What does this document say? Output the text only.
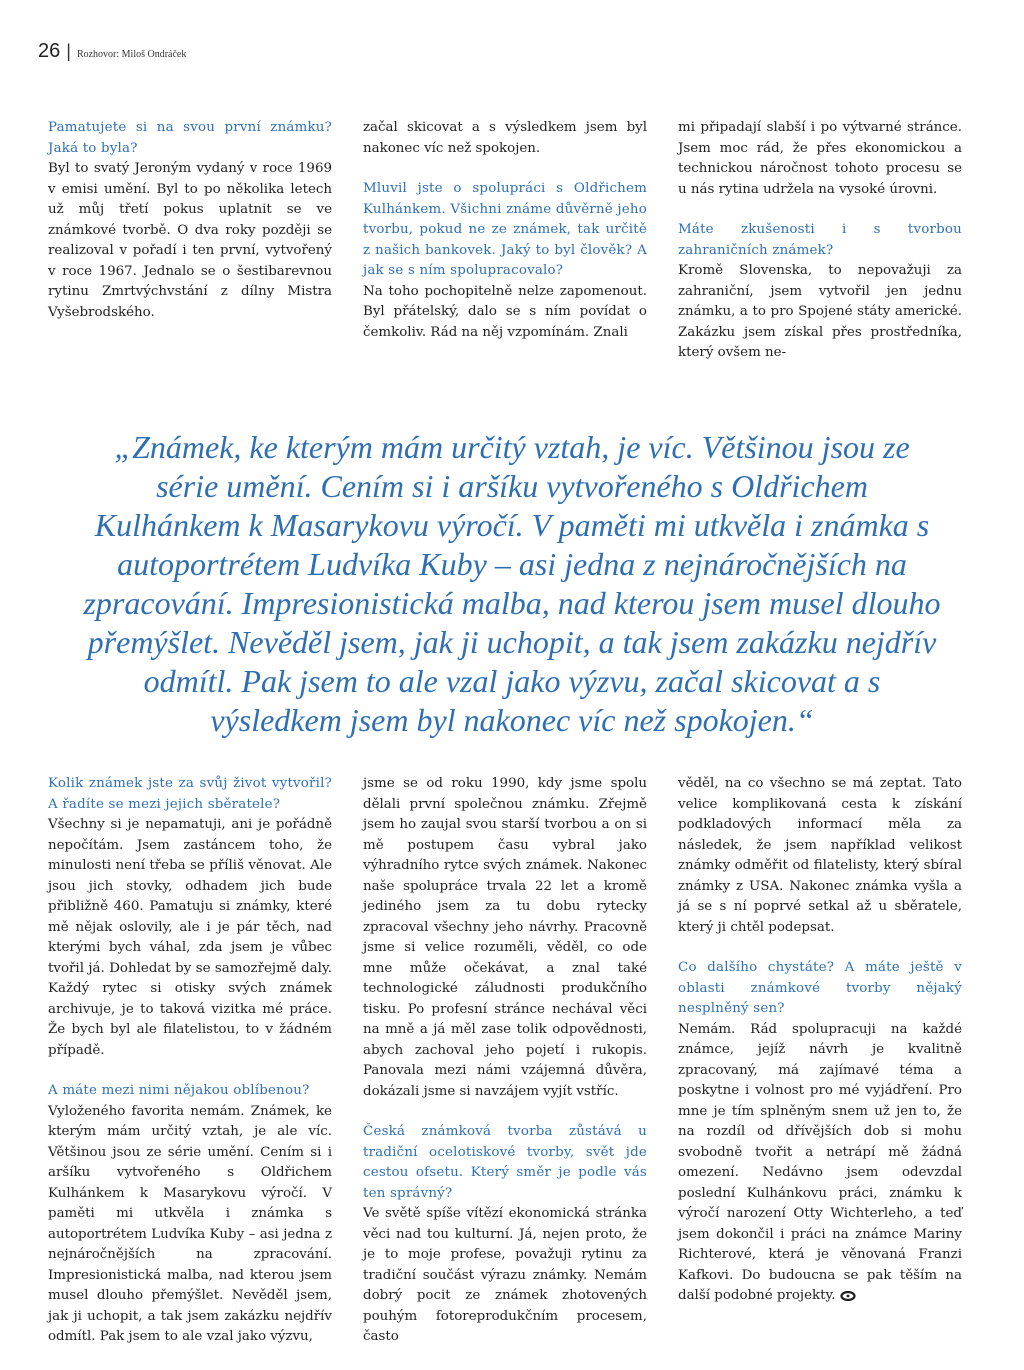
26 | Rozhovor: Miloš Ondráček

Pamatujete si na svou první známku? Jaká to byla?

Byl to svatý Jeroným vydaný v roce 1969 v emisi umění. Byl to po několika letech už můj třetí pokus uplatnit se ve známkové tvorbě. O dva roky později se realizoval v pořadí i ten první, vytvořený v roce 1967. Jednalo se o šestibarevnou rytinu Zmrtvýchvstání z dílny Mistra Vyšebrodského.

začal skicovat a s výsledkem jsem byl nakonec víc než spokojen.

Mluvil jste o spolupráci s Oldřichem Kulhánkem. Všichni známe důvěrně jeho tvorbu, pokud ne ze známek, tak určitě z našich bankovek. Jaký to byl člověk? A jak se s ním spolupracovalo?

Na toho pochopitelně nelze zapomenout. Byl přátelský, dalo se s ním povídat o čemkoliv. Rád na něj vzpomínám. Znali

mi připadají slabší i po výtvarné stránce. Jsem moc rád, že přes ekonomickou a technickou náročnost tohoto procesu se u nás rytina udržela na vysoké úrovni.

Máte zkušenosti i s tvorbou zahraničních známek?

Kromě Slovenska, to nepovažuji za zahraniční, jsem vytvořil jen jednu známku, a to pro Spojené státy americké. Zakázku jsem získal přes prostředníka, který ovšem ne-

„Známek, ke kterým mám určitý vztah, je víc. Většinou jsou ze série umění. Cením si i aršíku vytvořeného s Oldřichem Kulhánkem k Masarykovu výročí. V paměti mi utkvěla i známka s autoportrétem Ludvíka Kuby – asi jedna z nejnáročnějších na zpracování. Impresionistická malba, nad kterou jsem musel dlouho přemýšlet. Nevěděl jsem, jak ji uchopit, a tak jsem zakázku nejdřív odmítl. Pak jsem to ale vzal jako výzvu, začal skicovat a s výsledkem jsem byl nakonec víc než spokojen.“

Kolik známek jste za svůj život vytvořil? A řadíte se mezi jejich sběratele?

Všechny si je nepamatuji, ani je pořádně nepočítám. Jsem zastáncem toho, že minulosti není třeba se příliš věnovat. Ale jsou jich stovky, odhadem jich bude přibližně 460. Pamatuju si známky, které mě nějak oslovily, ale i je pár těch, nad kterými bych váhal, zda jsem je vůbec tvořil já. Dohledat by se samozřejmě daly. Každý rytec si otisky svých známek archivuje, je to taková vizitka mé práce. Že bych byl ale filatelistou, to v žádném případě.

A máte mezi nimi nějakou oblíbenou?

Vyloženého favorita nemám. Známek, ke kterým mám určitý vztah, je ale víc. Většinou jsou ze série umění. Cením si i aršíku vytvořeného s Oldřichem Kulhánkem k Masarykovu výročí. V paměti mi utkvěla i známka s autoportrétem Ludvíka Kuby – asi jedna z nejnáročnějších na zpracování. Impresionistická malba, nad kterou jsem musel dlouho přemýšlet. Nevěděl jsem, jak ji uchopit, a tak jsem zakázku nejdřív odmítl. Pak jsem to ale vzal jako výzvu,

jsme se od roku 1990, kdy jsme spolu dělali první společnou známku. Zřejmě jsem ho zaujal svou starší tvorbou a on si mě postupem času vybral jako výhradního rytce svých známek. Nakonec naše spolupráce trvala 22 let a kromě jediného jsem za tu dobu rytecky zpracoval všechny jeho návrhy. Pracovně jsme si velice rozuměli, věděl, co ode mne může očekávat, a znal také technologické záludnosti produkčního tisku. Po profesní stránce nechával věci na mně a já měl zase tolik odpovědnosti, abych zachoval jeho pojetí i rukopis. Panovala mezi námi vzájemná důvěra, dokázali jsme si navzájem vyjít vstříc.

Česká známková tvorba zůstává u tradiční ocelotiskové tvorby, svět jde cestou ofsetu. Který směr je podle vás ten správný?

Ve světě spíše vítězí ekonomická stránka věci nad tou kulturní. Já, nejen proto, že je to moje profese, považuji rytinu za tradiční součást výrazu známky. Nemám dobrý pocit ze známek zhotovených pouhým fotoreprodukčním procesem, často

věděl, na co všechno se má zeptat. Tato velice komplikovaná cesta k získání podkladových informací měla za následek, že jsem například velikost známky odměřit od filatelisty, který sbíral známky z USA. Nakonec známka vyšla a já se s ní poprvé setkal až u sběratele, který ji chtěl podepsat.

Co dalšího chystáte? A máte ještě v oblasti známkové tvorby nějaký nesplněný sen?

Nemám. Rád spolupracuji na každé známce, jejíž návrh je kvalitně zpracovaný, má zajímavé téma a poskytne i volnost pro mé vyjádření. Pro mne je tím splněným snem už jen to, že na rozdíl od dřívějších dob si mohu svobodně tvořit a netrápí mě žádná omezení. Nedávno jsem odevzdal poslední Kulhánkovu práci, známku k výročí narození Otty Wichterleho, a teď jsem dokončil i práci na známce Mariny Richterové, která je věnovaná Franzi Kafkovi. Do budoucna se pak těším na další podobné projekty.
